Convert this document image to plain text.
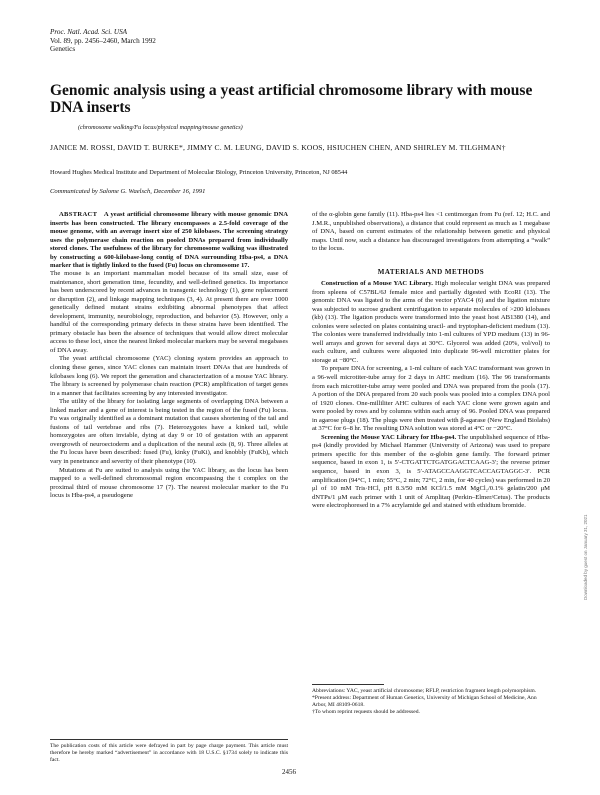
Proc. Natl. Acad. Sci. USA
Vol. 89, pp. 2456–2460, March 1992
Genetics
Genomic analysis using a yeast artificial chromosome library with mouse DNA inserts
(chromosome walking/Fu locus/physical mapping/mouse genetics)
JANICE M. ROSSI, DAVID T. BURKE*, JIMMY C. M. LEUNG, DAVID S. KOOS, HSIUCHEN CHEN, AND SHIRLEY M. TILGHMAN†
Howard Hughes Medical Institute and Department of Molecular Biology, Princeton University, Princeton, NJ 08544
Communicated by Salome G. Waelsch, December 16, 1991

ABSTRACT A yeast artificial chromosome library with mouse genomic DNA inserts has been constructed. The library encompasses a 2.5-fold coverage of the mouse genome, with an average insert size of 250 kilobases. The screening strategy uses the polymerase chain reaction on pooled DNAs prepared from individually stored clones. The usefulness of the library for chromosome walking was illustrated by constructing a 600-kilobase-long contig of DNA surrounding Hba-ps4, a DNA marker that is tightly linked to the fused (Fu) locus on chromosome 17.

The mouse is an important mammalian model because of its small size, ease of maintenance, short generation time, fecundity, and well-defined genetics. Its importance has been underscored by recent advances in transgenic technology (1), gene replacement or disruption (2), and linkage mapping techniques (3, 4). At present there are over 1000 genetically defined mutant strains exhibiting abnormal phenotypes that affect development, immunity, neurobiology, reproduction, and behavior (5). However, only a handful of the corresponding primary defects in these strains have been identified. The primary obstacle has been the absence of techniques that would allow direct molecular access to these loci, since the nearest linked molecular markers may be several megabases of DNA away.

The yeast artificial chromosome (YAC) cloning system provides an approach to cloning these genes, since YAC clones can maintain insert DNAs that are hundreds of kilobases long (6). We report the generation and characterization of a mouse YAC library. The library is screened by polymerase chain reaction (PCR) amplification of target genes in a manner that facilitates screening by any interested investigator.

The utility of the library for isolating large segments of overlapping DNA between a linked marker and a gene of interest is being tested in the region of the fused (Fu) locus. Fu was originally identified as a dominant mutation that causes shortening of the tail and fusions of tail vertebrae and ribs (7). Heterozygotes have a kinked tail, while homozygotes are often inviable, dying at day 9 or 10 of gestation with an apparent overgrowth of neuroectoderm and a duplication of the neural axis (8, 9). Three alleles at the Fu locus have been described: fused (Fu), kinky (FuKi), and knobbly (FuKb), which vary in penetrance and severity of their phenotype (10).

Mutations at Fu are suited to analysis using the YAC library, as the locus has been mapped to a well-defined chromosomal region encompassing the t complex on the proximal third of mouse chromosome 17 (7). The nearest molecular marker to the Fu locus is Hba-ps4, a pseudogene

of the α-globin gene family (11). Hba-ps4 lies <1 centimorgan from Fu (ref. 12; H.C. and J.M.R., unpublished observations), a distance that could represent as much as 1 megabase of DNA, based on current estimates of the relationship between genetic and physical maps. Until now, such a distance has discouraged investigators from attempting a “walk” to the locus.

MATERIALS AND METHODS

Construction of a Mouse YAC Library. High molecular weight DNA was prepared from spleens of C57BL/6J female mice and partially digested with EcoRI (13). The genomic DNA was ligated to the arms of the vector pYAC4 (6) and the ligation mixture was subjected to sucrose gradient centrifugation to separate molecules of >200 kilobases (kb) (13). The ligation products were transformed into the yeast host AB1380 (14), and colonies were selected on plates containing uracil- and tryptophan-deficient medium (13). The colonies were transferred individually into 1-ml cultures of YPD medium (13) in 96-well arrays and grown for several days at 30°C. Glycerol was added (20%, vol/vol) to each culture, and cultures were aliquoted into duplicate 96-well microtiter plates for storage at −80°C.

To prepare DNA for screening, a 1-ml culture of each YAC transformant was grown in a 96-well microtiter-tube array for 2 days in AHC medium (16). The 96 transformants from each microtiter-tube array were pooled and DNA was prepared from the pools (17). A portion of the DNA prepared from 20 such pools was pooled into a complex DNA pool of 1920 clones. One-milliliter AHC cultures of each YAC clone were grown again and were pooled by rows and by columns within each array of 96. Pooled DNA was prepared in agarose plugs (18). The plugs were then treated with β-agarase (New England Biolabs) at 37°C for 6–8 hr. The resulting DNA solution was stored at 4°C or −20°C.

Screening the Mouse YAC Library for Hba-ps4. The unpublished sequence of Hba-ps4 (kindly provided by Michael Hammer (University of Arizona) was used to prepare primers specific for this member of the α-globin gene family. The forward primer sequence, based in exon 1, is 5′-CTGATTCTGATGGACTCAAG-3′; the reverse primer sequence, based in exon 3, is 5′-ATAGCCAAGGTCACCAGTAGGC-3′. PCR amplification (94°C, 1 min; 55°C, 2 min; 72°C, 2 min, for 40 cycles) was performed in 20 μl of 10 mM Tris·HCl, pH 8.3/50 mM KCl/1.5 mM MgCl₂/0.1% gelatin/200 μM dNTPs/1 μM each primer with 1 unit of Amplitaq (Perkin–Elmer/Cetus). The products were electrophoresed in a 7% acrylamide gel and stained with ethidium bromide.

Abbreviations: YAC, yeast artificial chromosome; RFLP, restriction fragment length polymorphism.

*Present address: Department of Human Genetics, University of Michigan School of Medicine, Ann Arbor, MI 48109-0618.

†To whom reprint requests should be addressed.

The publication costs of this article were defrayed in part by page charge payment. This article must therefore be hereby marked “advertisement” in accordance with 18 U.S.C. §1734 solely to indicate this fact.
2456
Downloaded by guest on January 31, 2021
